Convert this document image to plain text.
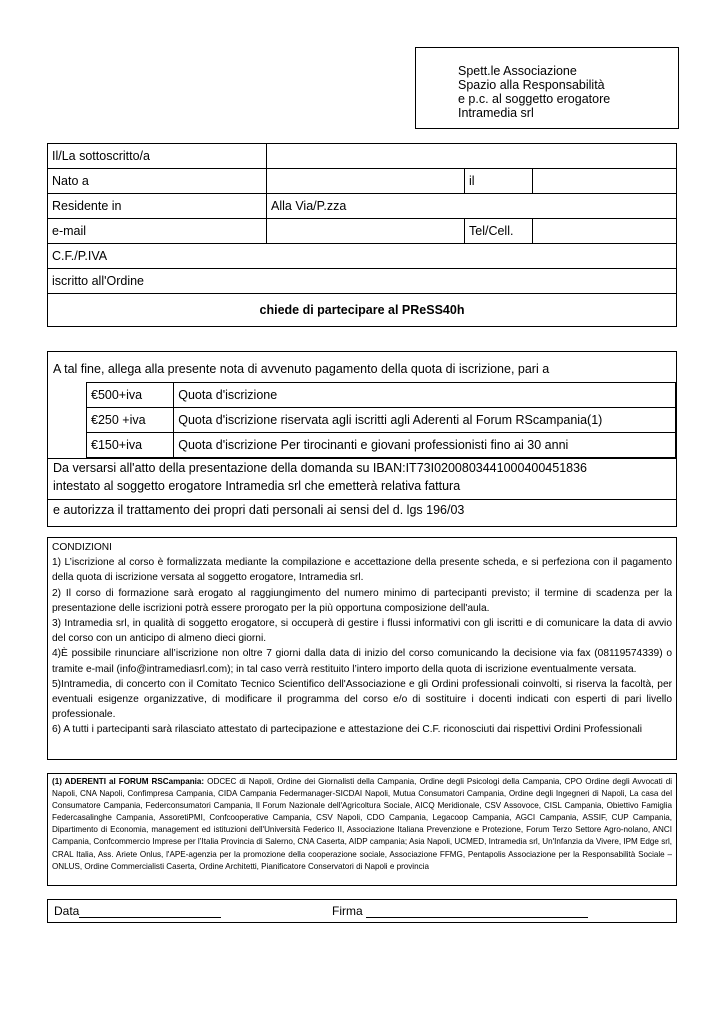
Spett.le Associazione
Spazio alla Responsabilità
e p.c. al soggetto erogatore
Intramedia srl
Il/La sottoscritto/a			
Nato a		il	
Residente in	Alla Via/P.zza		
e-mail		Tel/Cell.	
C.F./P.IVA			
iscritto all'Ordine			
chiede di partecipare al PReSS40h			
A tal fine, allega alla presente nota di avvenuto pagamento della quota di iscrizione, pari a
€500+iva	Quota d'iscrizione
€250 +iva	Quota d'iscrizione riservata agli iscritti agli Aderenti al Forum RScampania(1)
€150+iva	Quota d'iscrizione Per tirocinanti e giovani professionisti fino ai 30 anni
Da versarsi all'atto della presentazione della domanda su IBAN:IT73I0200803441000400451836
intestato al soggetto erogatore Intramedia srl che emetterà relativa fattura
e autorizza il trattamento dei propri dati personali ai sensi del d. lgs 196/03

CONDIZIONI

1) L’iscrizione al corso è formalizzata mediante la compilazione e accettazione della presente scheda, e si perfeziona con il pagamento della quota di iscrizione versata al soggetto erogatore, Intramedia srl.

2) Il corso di formazione sarà erogato al raggiungimento del numero minimo di partecipanti previsto; il termine di scadenza per la presentazione delle iscrizioni potrà essere prorogato per la più opportuna composizione dell'aula.

3) Intramedia srl, in qualità di soggetto erogatore, si occuperà di gestire i flussi informativi con gli iscritti e di comunicare la data di avvio del corso con un anticipo di almeno dieci giorni.

4)È possibile rinunciare all’iscrizione non oltre 7 giorni dalla data di inizio del corso comunicando la decisione via fax (08119574339) o tramite e-mail (info@intramediasrl.com); in tal caso verrà restituito l’intero importo della quota di iscrizione eventualmente versata.

5)Intramedia, di concerto con il Comitato Tecnico Scientifico dell'Associazione e gli Ordini professionali coinvolti, si riserva la facoltà, per eventuali esigenze organizzative, di modificare il programma del corso e/o di sostituire i docenti indicati con esperti di pari livello professionale.

6) A tutti i partecipanti sarà rilasciato attestato di partecipazione e attestazione dei C.F. riconosciuti dai rispettivi Ordini Professionali

(1) ADERENTI al FORUM RSCampania: ODCEC di Napoli, Ordine dei Giornalisti della Campania, Ordine degli Psicologi della Campania, CPO Ordine degli Avvocati di Napoli, CNA Napoli, Confimpresa Campania, CIDA Campania Federmanager-SICDAI Napoli, Mutua Consumatori Campania, Ordine degli Ingegneri di Napoli, La casa del Consumatore Campania, Federconsumatori Campania, Il Forum Nazionale dell'Agricoltura Sociale, AICQ Meridionale, CSV Assovoce, CISL Campania, Obiettivo Famiglia Federcasalinghe Campania, AssoretiPMI, Confcooperative Campania, CSV Napoli, CDO Campania, Legacoop Campania, AGCI Campania, ASSIF, CUP Campania, Dipartimento di Economia, management ed istituzioni dell'Università Federico II, Associazione Italiana Prevenzione e Protezione, Forum Terzo Settore Agro-nolano, ANCI Campania, Confcommercio Imprese per l’Italia Provincia di Salerno, CNA Caserta, AIDP campania; Asia Napoli, UCMED, Intramedia srl, Un'Infanzia da Vivere, IPM Edge srl, CRAL Italia, Ass. Ariete Onlus, l'APE-agenzia per la promozione della cooperazione sociale, Associazione FFMG, Pentapolis Associazione per la Responsabilità Sociale – ONLUS, Ordine Commercialisti Caserta, Ordine Architetti, Pianificatore Conservatori di Napoli e provincia

Data	Firma
